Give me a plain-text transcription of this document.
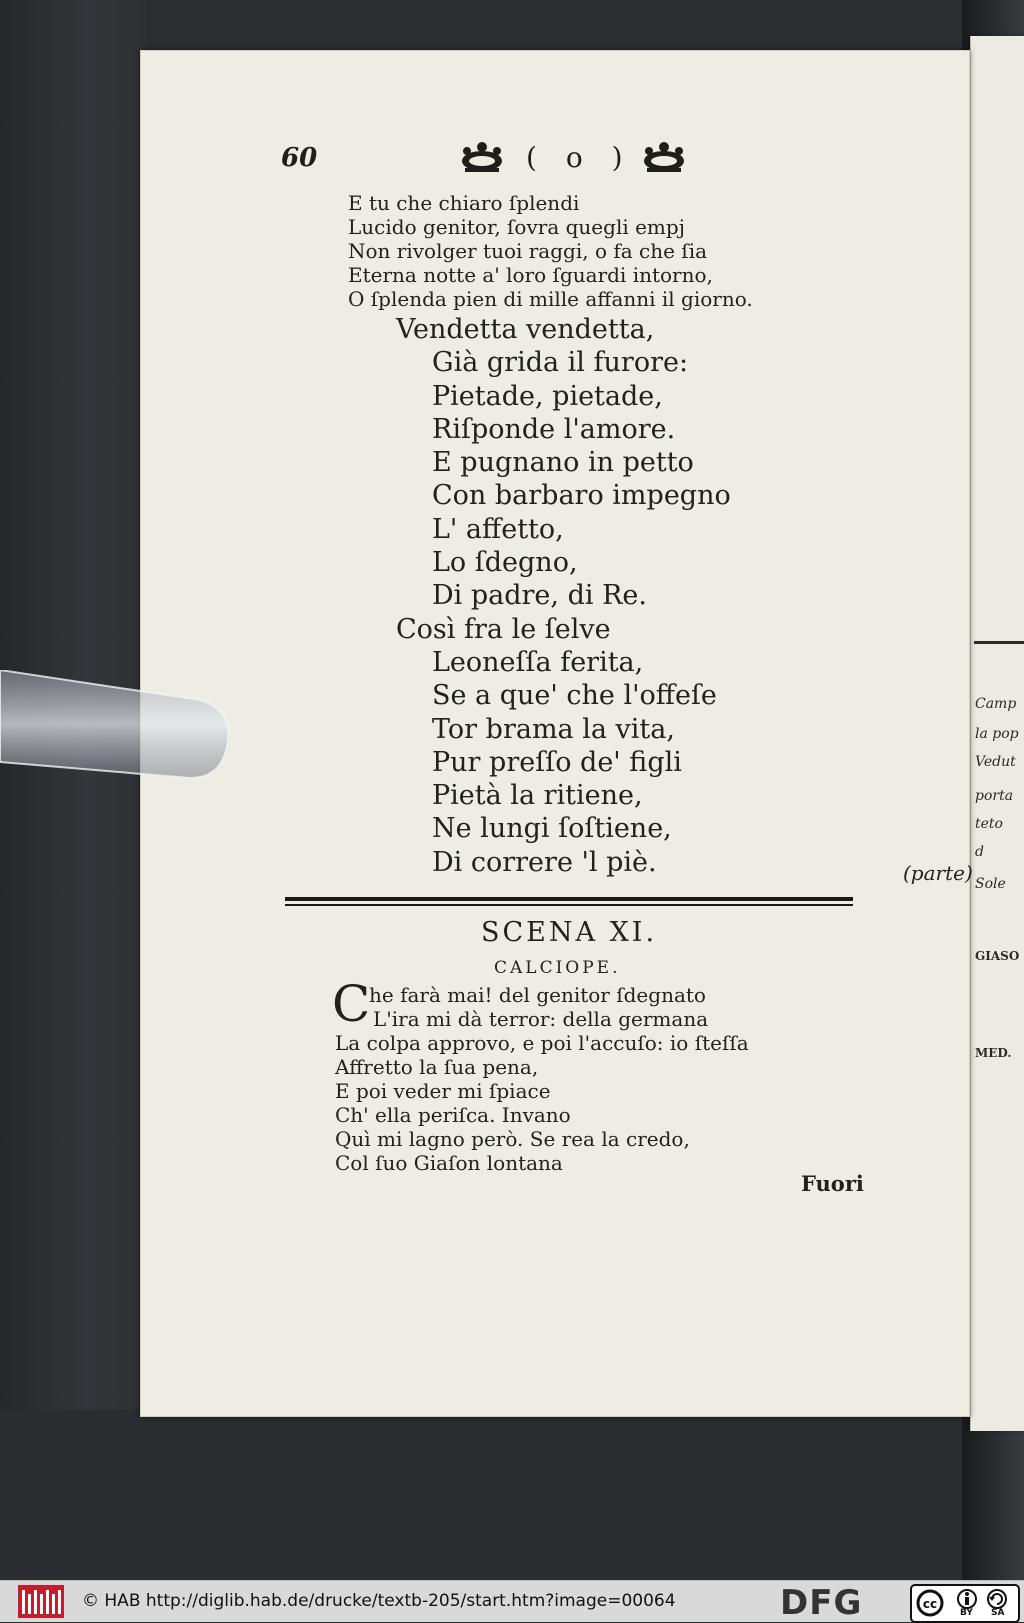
Camp
la pop
Vedut
porta
teto
d
Sole
GIASO
MED.
60	( o )
E tu che chiaro ſplendi
Lucido genitor, ſovra quegli empj
Non rivolger tuoi raggi, o fa che ſia
Eterna notte a' loro ſguardi intorno,
O ſplenda pien di mille affanni il giorno.
Vendetta vendetta,
Già grida il furore:
Pietade, pietade,
Riſponde l'amore.
E pugnano in petto
Con barbaro impegno
L' affetto,
Lo ſdegno,
Di padre, di Re.
Così fra le ſelve
Leoneſſa ferita,
Se a que' che l'offeſe
Tor brama la vita,
Pur preſſo de' figli
Pietà la ritiene,
Ne lungi ſoſtiene,
Di correre 'l piè.	(parte)
SCENA XI.
CALCIOPE.
C
he farà mai! del genitor ſdegnato
L'ira mi dà terror: della germana
La colpa approvo, e poi l'accuſo: io ſteſſa
Affretto la ſua pena,
E poi veder mi ſpiace
Ch' ella periſca. Invano
Quì mi lagno però. Se rea la credo,
Col ſuo Giaſon lontana
Fuori
© HAB http://diglib.hab.de/drucke/textb-205/start.htm?image=00064	DFG	cc
BY SA
